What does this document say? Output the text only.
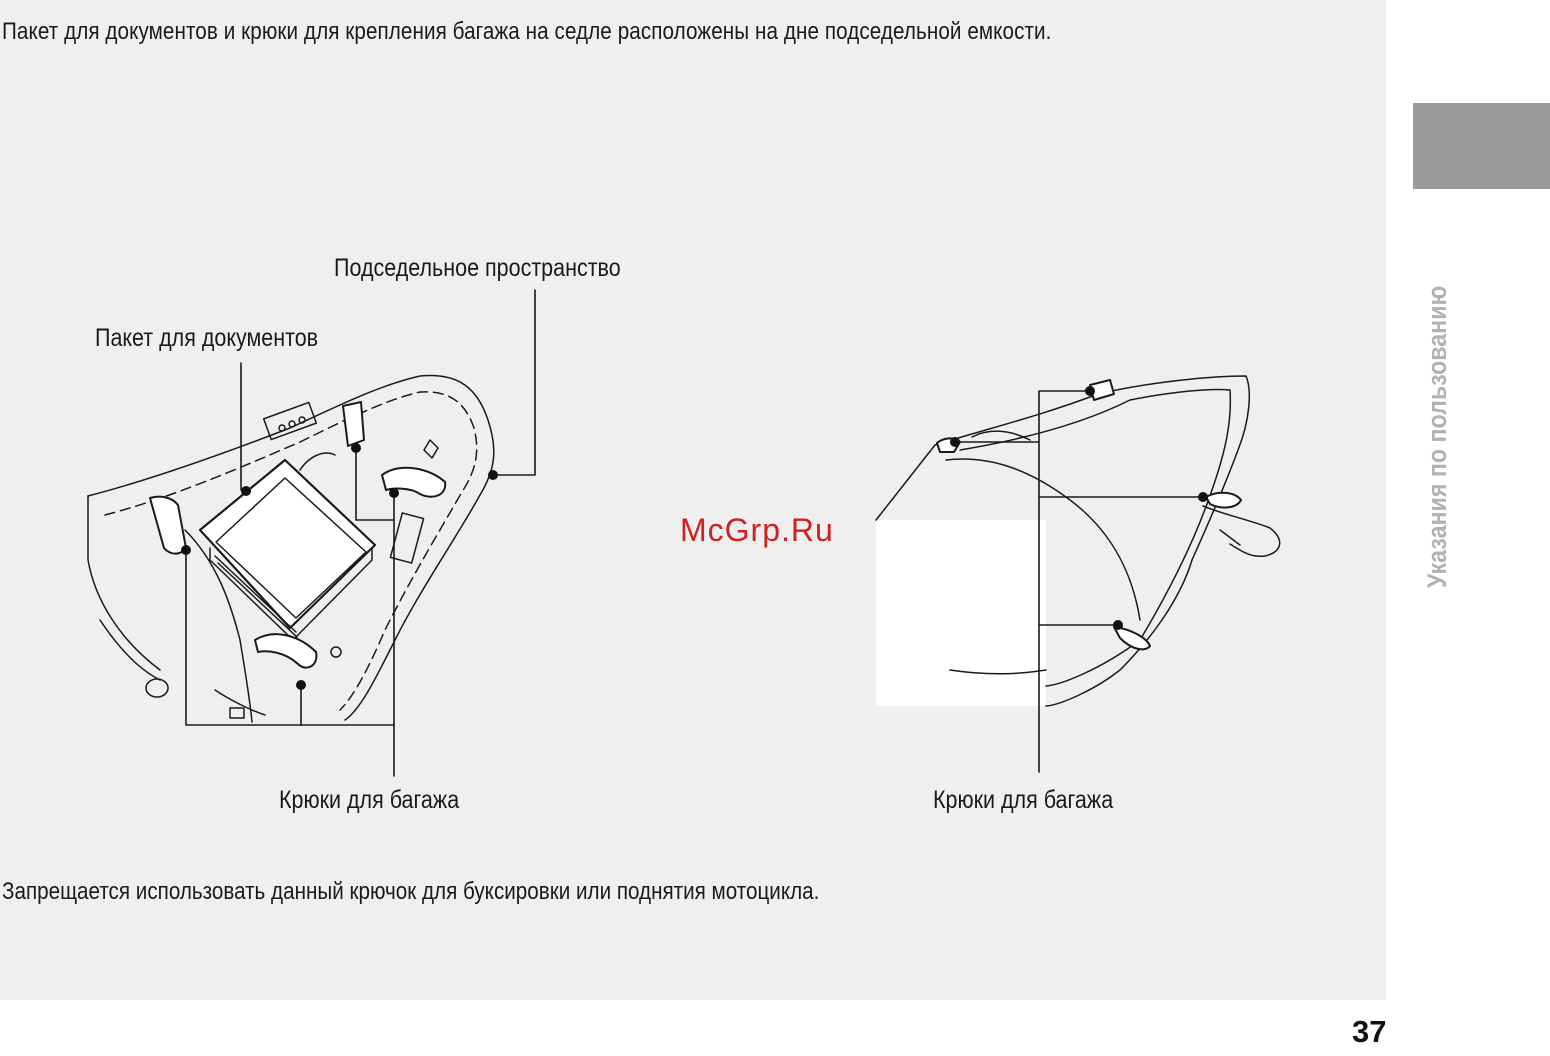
Пакет для документов и крюки для крепления багажа на седле расположены на дне подседельной емкости.
Подседельное пространство
Пакет для документов
Крюки для багажа	Крюки для багажа
McGrp.Ru
Запрещается использовать данный крючок для буксировки или поднятия мотоцикла.
Указания по пользованию
37
